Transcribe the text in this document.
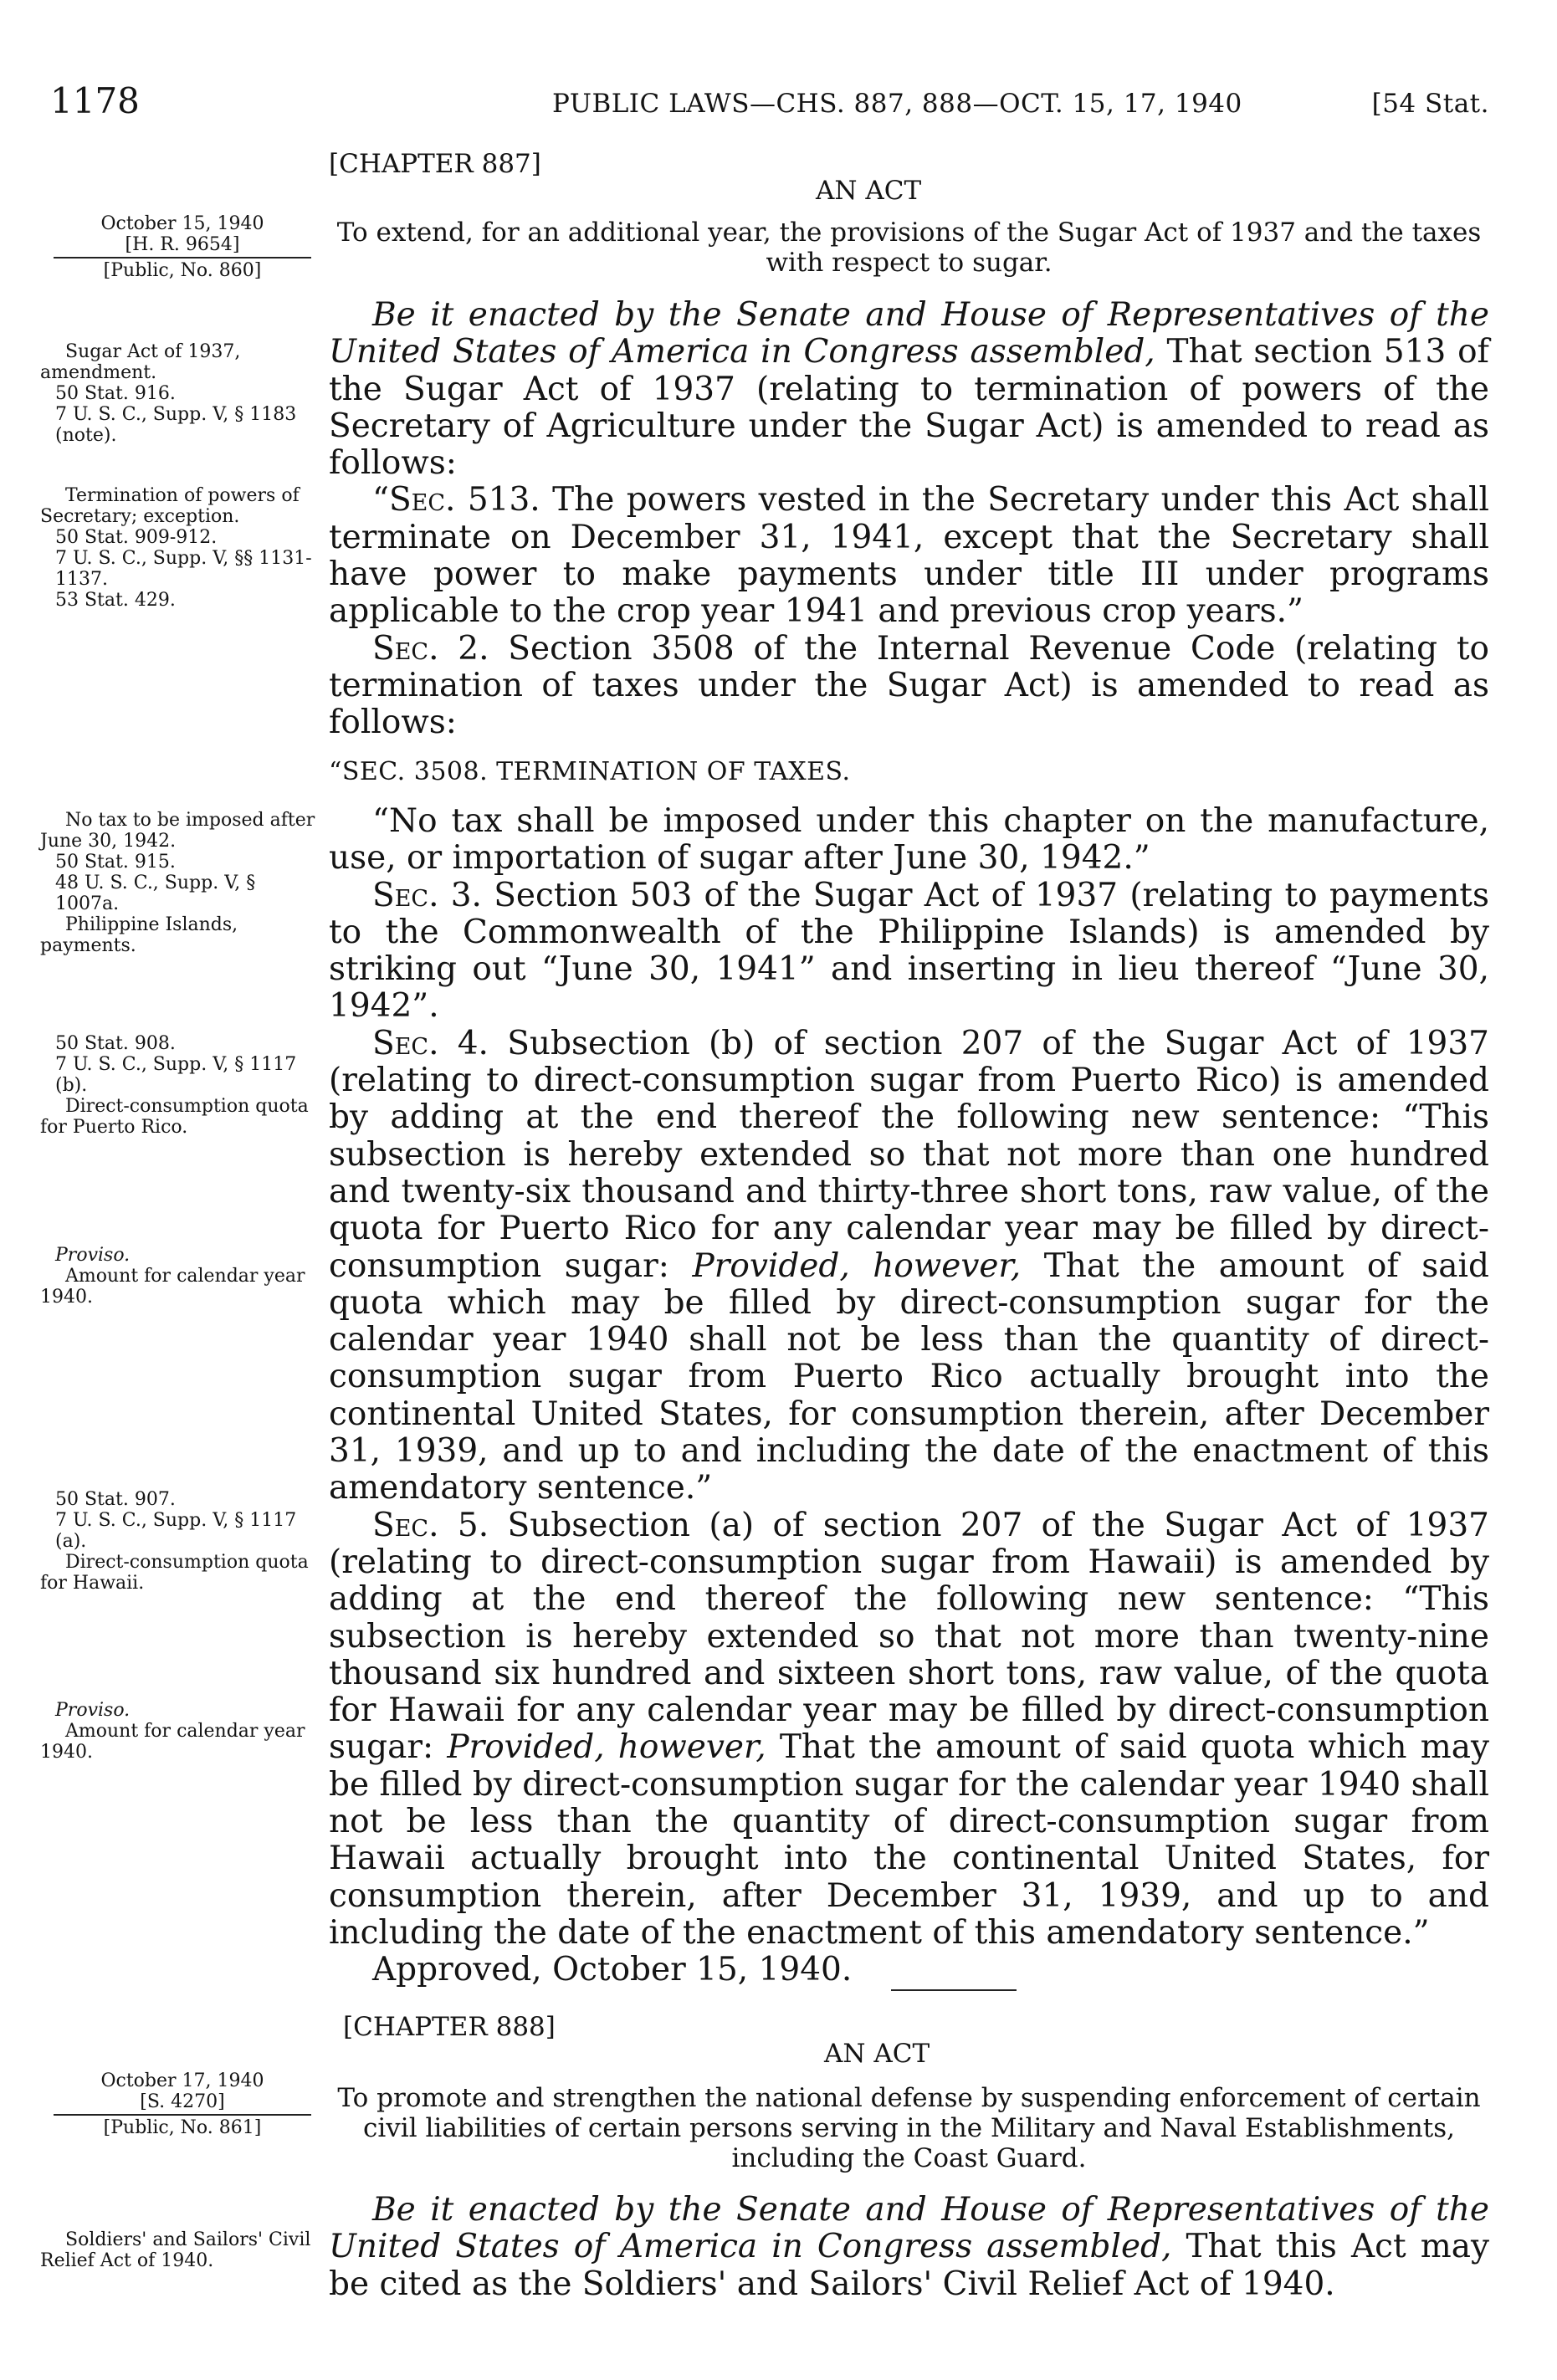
1178	PUBLIC LAWS—CHS. 887, 888—OCT. 15, 17, 1940	[54 Stat.
[CHAPTER 887]
AN ACT
To extend, for an additional year, the provisions of the Sugar Act of 1937 and the taxes with respect to sugar.

October 15, 1940

[H. R. 9654]

[Public, No. 860]

Sugar Act of 1937, amendment.

50 Stat. 916.

7 U. S. C., Supp. V, § 1183 (note).

Termination of powers of Secretary; exception.

50 Stat. 909-912.

7 U. S. C., Supp. V, §§ 1131-1137.

53 Stat. 429.

No tax to be imposed after June 30, 1942.

50 Stat. 915.

48 U. S. C., Supp. V, § 1007a.

Philippine Islands, payments.

50 Stat. 908.

7 U. S. C., Supp. V, § 1117 (b).

Direct-consumption quota for Puerto Rico.

Proviso.

Amount for calendar year 1940.

50 Stat. 907.

7 U. S. C., Supp. V, § 1117 (a).

Direct-consumption quota for Hawaii.

Proviso.

Amount for calendar year 1940.

Be it enacted by the Senate and House of Representatives of the United States of America in Congress assembled, That section 513 of the Sugar Act of 1937 (relating to termination of powers of the Secretary of Agriculture under the Sugar Act) is amended to read as follows:

“Sec. 513. The powers vested in the Secretary under this Act shall terminate on December 31, 1941, except that the Secretary shall have power to make payments under title III under programs applicable to the crop year 1941 and previous crop years.”

Sec. 2. Section 3508 of the Internal Revenue Code (relating to termination of taxes under the Sugar Act) is amended to read as follows:

“SEC. 3508. TERMINATION OF TAXES.

“No tax shall be imposed under this chapter on the manufacture, use, or importation of sugar after June 30, 1942.”

Sec. 3. Section 503 of the Sugar Act of 1937 (relating to payments to the Commonwealth of the Philippine Islands) is amended by striking out “June 30, 1941” and inserting in lieu thereof “June 30, 1942”.

Sec. 4. Subsection (b) of section 207 of the Sugar Act of 1937 (relating to direct-consumption sugar from Puerto Rico) is amended by adding at the end thereof the following new sentence: “This subsection is hereby extended so that not more than one hundred and twenty-six thousand and thirty-three short tons, raw value, of the quota for Puerto Rico for any calendar year may be filled by direct-consumption sugar: Provided, however, That the amount of said quota which may be filled by direct-consumption sugar for the calendar year 1940 shall not be less than the quantity of direct-consumption sugar from Puerto Rico actually brought into the continental United States, for consumption therein, after December 31, 1939, and up to and including the date of the enactment of this amendatory sentence.”

Sec. 5. Subsection (a) of section 207 of the Sugar Act of 1937 (relating to direct-consumption sugar from Hawaii) is amended by adding at the end thereof the following new sentence: “This subsection is hereby extended so that not more than twenty-nine thousand six hundred and sixteen short tons, raw value, of the quota for Hawaii for any calendar year may be filled by direct-consumption sugar: Provided, however, That the amount of said quota which may be filled by direct-consumption sugar for the calendar year 1940 shall not be less than the quantity of direct-consumption sugar from Hawaii actually brought into the continental United States, for consumption therein, after December 31, 1939, and up to and including the date of the enactment of this amendatory sentence.”

Approved, October 15, 1940.

[CHAPTER 888]
AN ACT
To promote and strengthen the national defense by suspending enforcement of certain civil liabilities of certain persons serving in the Military and Naval Establishments, including the Coast Guard.

October 17, 1940

[S. 4270]

[Public, No. 861]

Soldiers' and Sailors' Civil Relief Act of 1940.

Be it enacted by the Senate and House of Representatives of the United States of America in Congress assembled, That this Act may be cited as the Soldiers' and Sailors' Civil Relief Act of 1940.
